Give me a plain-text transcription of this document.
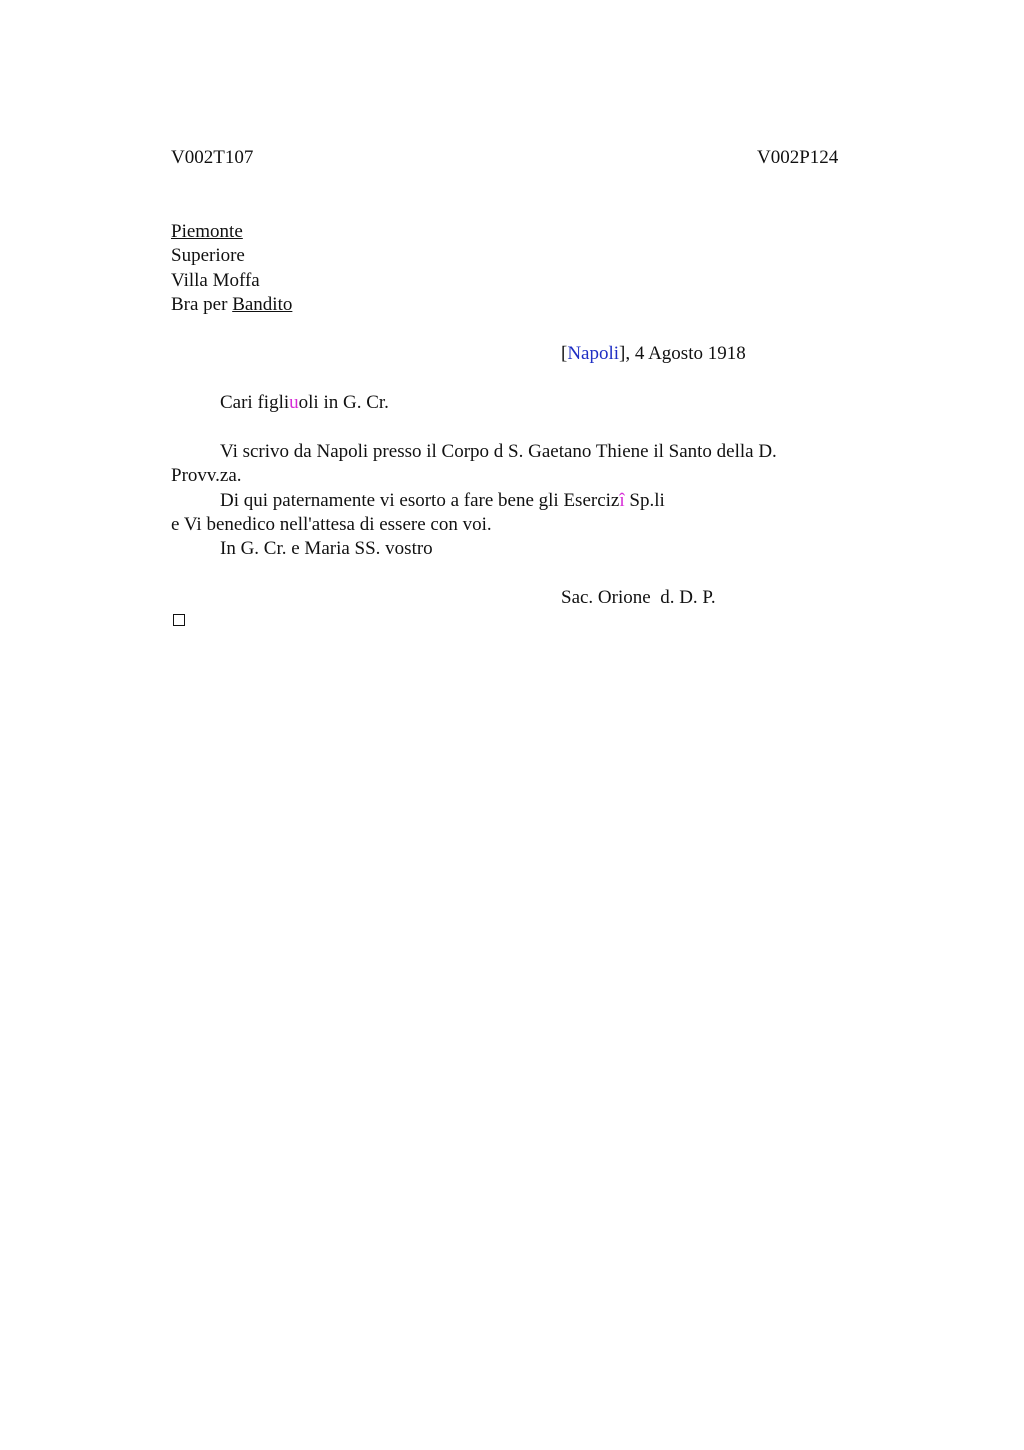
V002T107	V002P124
Piemonte
Superiore
Villa Moffa
Bra per Bandito
[Napoli], 4 Agosto 1918
Cari figliuoli in G. Cr.
Vi scrivo da Napoli presso il Corpo d S. Gaetano Thiene il Santo della D.
Provv.za.
Di qui paternamente vi esorto a fare bene gli Esercizî Sp.li
e Vi benedico nell'attesa di essere con voi.
In G. Cr. e Maria SS. vostro
Sac. Orione  d. D. P.
